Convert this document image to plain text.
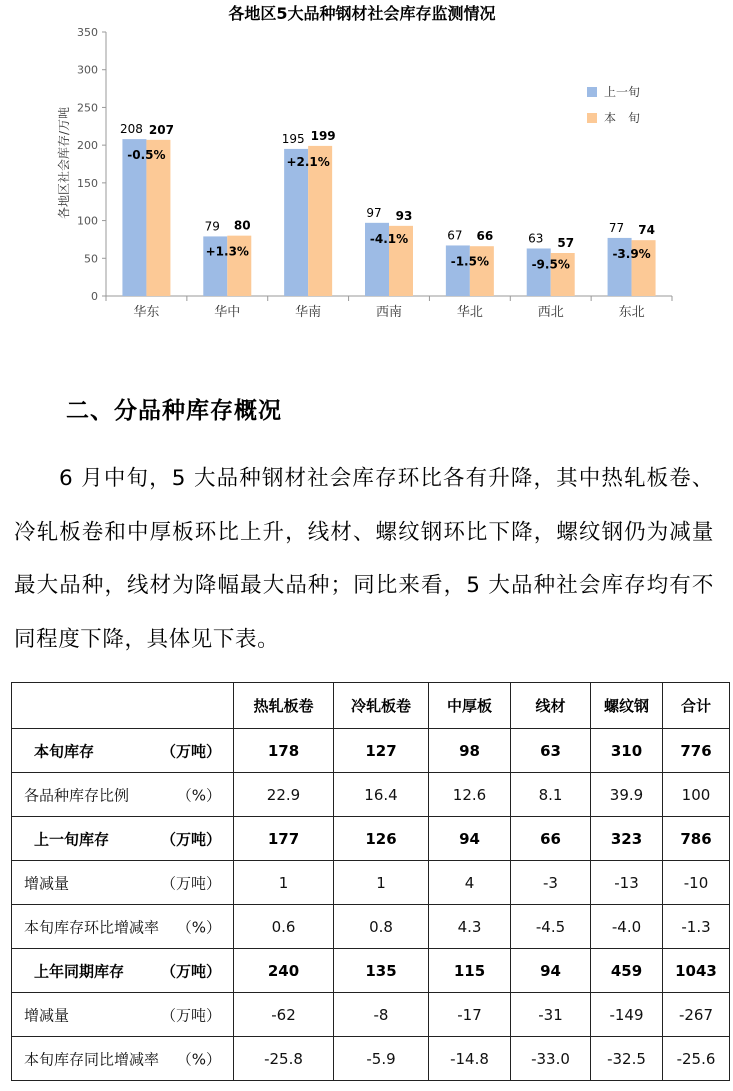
各地区5大品种钢材社会库存监测情况
各地区社会库存/万吨
0
50
100
150
200
250
300
350
华东	华中	华南	西南	华北	西北	东北
208 207
-0.5%
79 80
+1.3%
195 199
+2.1%
97 93
-4.1%	67 66
-1.5%
63 57
-9.5%
77 74
-3.9%
上一旬
本　旬
二、分品种库存概况

6 月中旬，5 大品种钢材社会库存环比各有升降，其中热轧板卷、冷轧板卷和中厚板环比上升，线材、螺纹钢环比下降，螺纹钢仍为减量最大品种，线材为降幅最大品种；同比来看，5 大品种社会库存均有不同程度下降，具体见下表。

	热轧板卷	冷轧板卷	中厚板	线材	螺纹钢	合计

本旬库存 （万吨）	178	127	98	63	310	776

各品种库存比例 （%）	22.9	16.4	12.6	8.1	39.9	100

上一旬库存 （万吨）	177	126	94	66	323	786

增减量 （万吨）	1	1	4	-3	-13	-10

本旬库存环比增减率 （%）	0.6	0.8	4.3	-4.5	-4.0	-1.3

上年同期库存 （万吨）	240	135	115	94	459	1043

增减量 （万吨）	-62	-8	-17	-31	-149	-267

本旬库存同比增减率 （%）	-25.8	-5.9	-14.8	-33.0	-32.5	-25.6
